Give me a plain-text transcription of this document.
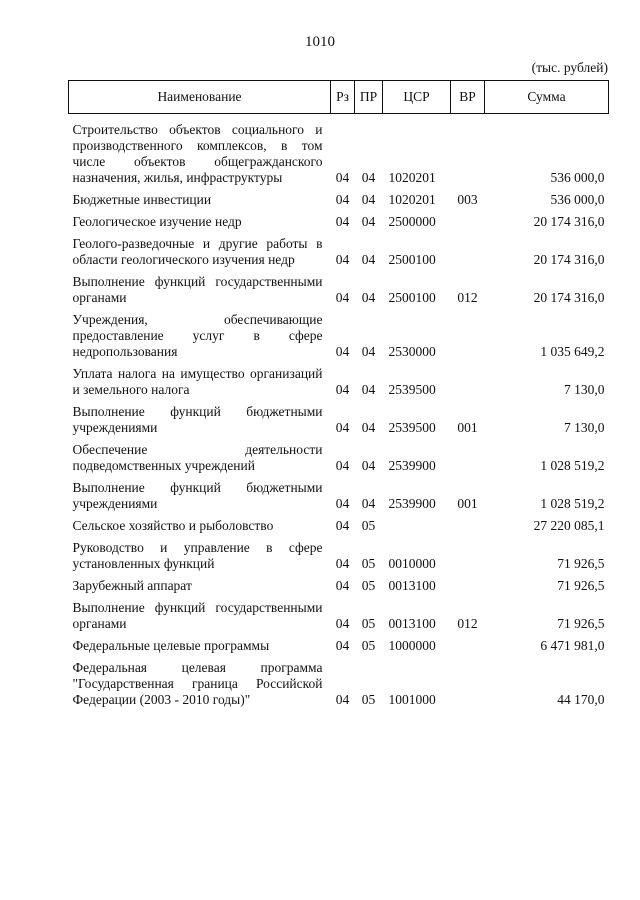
1010
(тыс. рублей)
Наименование	Рз	ПР	ЦСР	ВР	Сумма
Строительство объектов социального и производственного комплексов, в том числе объектов общегражданского назначения, жилья, инфраструктуры	04	04	1020201		536 000,0
Бюджетные инвестиции	04	04	1020201	003	536 000,0
Геологическое изучение недр	04	04	2500000		20 174 316,0
Геолого-разведочные и другие работы в области геологического изучения недр	04	04	2500100		20 174 316,0
Выполнение функций государственными органами	04	04	2500100	012	20 174 316,0
Учреждения, обеспечивающие предоставление услуг в сфере недропользования	04	04	2530000		1 035 649,2
Уплата налога на имущество организаций и земельного налога	04	04	2539500		7 130,0
Выполнение функций бюджетными учреждениями	04	04	2539500	001	7 130,0
Обеспечение деятельности подведомственных учреждений	04	04	2539900		1 028 519,2
Выполнение функций бюджетными учреждениями	04	04	2539900	001	1 028 519,2
Сельское хозяйство и рыболовство	04	05			27 220 085,1
Руководство и управление в сфере установленных функций	04	05	0010000		71 926,5
Зарубежный аппарат	04	05	0013100		71 926,5
Выполнение функций государственными органами	04	05	0013100	012	71 926,5
Федеральные целевые программы	04	05	1000000		6 471 981,0
Федеральная целевая программа "Государственная граница Российской Федерации (2003 - 2010 годы)"	04	05	1001000		44 170,0
